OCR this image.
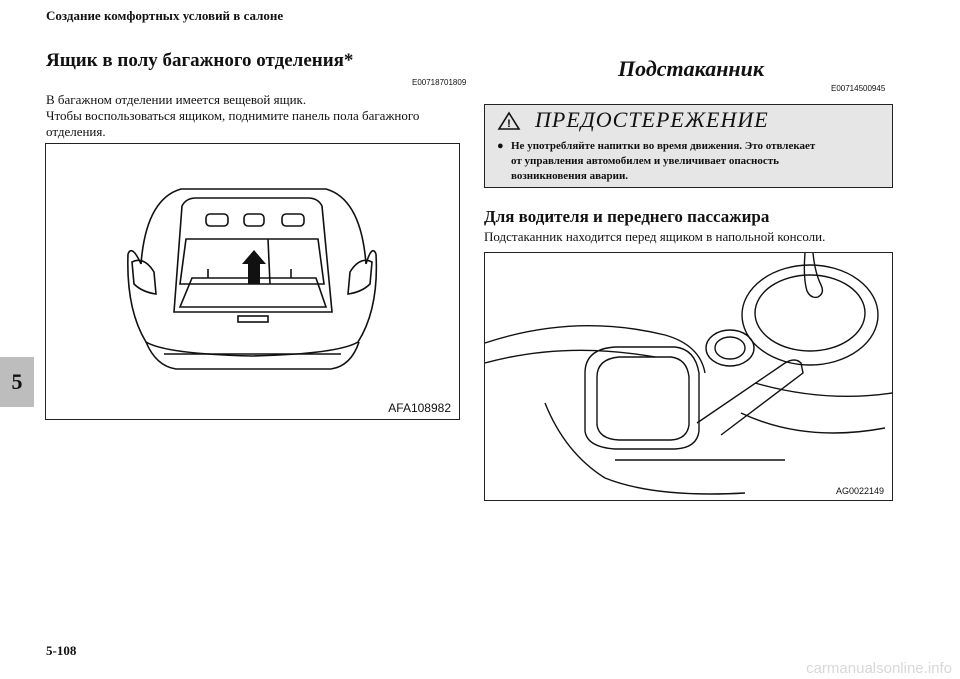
Создание комфортных условий в салоне
Ящик в полу багажного отделения*
E00718701809
В багажном отделении имеется вещевой ящик.
Чтобы воспользоваться ящиком, поднимите панель пола багажного
отделения.
AFA108982
5
Подстаканник
E00714500945
! ПРЕДОСТЕРЕЖЕНИЕ
● Не употребляйте напитки во время движения. Это отвлекает
от управления автомобилем и увеличивает опасность
возникновения аварии.
Для водителя и переднего пассажира
Подстаканник находится перед ящиком в напольной консоли.
AG0022149
5-108
carmanualsonline.info
